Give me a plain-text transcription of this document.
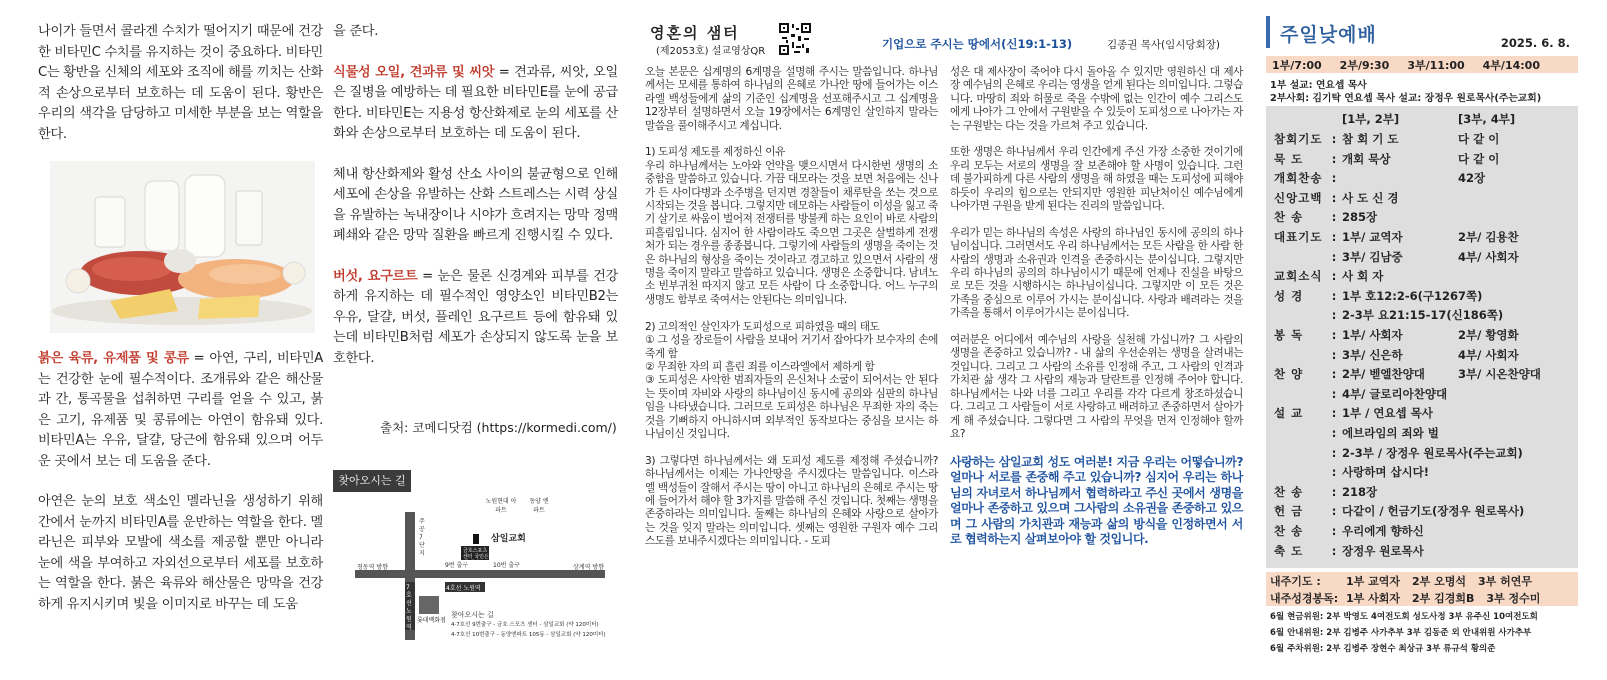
나이가 들면서 콜라겐 수치가 떨어지기 때문에 건강한 비타민C 수치를 유지하는 것이 중요하다. 비타민C는 황반을 신체의 세포와 조직에 해를 끼치는 산화 적 손상으로부터 보호하는 데 도움이 된다. 황반은 우리의 색각을 담당하고 미세한 부분을 보는 역할을 한다.

붉은 육류, 유제품 및 콩류 = 아연, 구리, 비타민A는 건강한 눈에 필수적이다. 조개류와 같은 해산물과 간, 통곡물을 섭취하면 구리를 얻을 수 있고, 붉은 고기, 유제품 및 콩류에는 아연이 함유돼 있다. 비타민A는 우유, 달걀, 당근에 함유돼 있으며 어두운 곳에서 보는 데 도움을 준다.

아연은 눈의 보호 색소인 멜라닌을 생성하기 위해 간에서 눈까지 비타민A를 운반하는 역할을 한다. 멜라닌은 피부와 모발에 색소를 제공할 뿐만 아니라 눈에 색을 부여하고 자외선으로부터 세포를 보호하는 역할을 한다. 붉은 육류와 해산물은 망막을 건강하게 유지시키며 빛을 이미지로 바꾸는 데 도움

을 준다.

식물성 오일, 견과류 및 씨앗 = 견과류, 씨앗, 오일은 질병을 예방하는 데 필요한 비타민E를 눈에 공급한다. 비타민E는 지용성 항산화제로 눈의 세포를 산화와 손상으로부터 보호하는 데 도움이 된다.

체내 항산화제와 활성 산소 사이의 불균형으로 인해 세포에 손상을 유발하는 산화 스트레스는 시력 상실을 유발하는 녹내장이나 시야가 흐려지는 망막 정맥 폐쇄와 같은 망막 질환을 빠르게 진행시킬 수 있다.

버섯, 요구르트 = 눈은 물론 신경계와 피부를 건강하게 유지하는 데 필수적인 영양소인 비타민B2는 우유, 달걀, 버섯, 플레인 요구르트 등에 함유돼 있는데 비타민B처럼 세포가 손상되지 않도록 눈을 보호한다.

출처: 코메디닷컴 (https://kormedi.com/)
찾아오시는 길
삼일교회
노원현대 아파트
동양 엔파트
주공7단지
청동역 방향	상계역 방향
9번 출구	10번 출구
4호선 노원역
7호선 노원역
롯데백화점
금호스포츠센터 국민은행 빌딩
찾아오시는 길
4·7호선 9번출구 - 금호 스포츠 센터 - 삼일교회 (약 120미터)
4·7호선 10번출구 - 동양엔파트 105동 - 삼일교회 (약 120미터)
영혼의 샘터
(제2053호) 설교영상QR
기업으로 주시는 땅에서(신19:1-13)	김종권 목사(임시당회장)

오늘 본문은 십계명의 6계명을 설명해 주시는 말씀입니다. 하나님께서는 모세를 통하여 하나님의 은혜로 가나안 땅에 들어가는 이스라엘 백성들에게 삶의 기준인 십계명을 선포해주시고 그 십계명을 12장부터 설명하면서 오늘 19장에서는 6계명인 살인하지 말라는 말씀을 풀이해주시고 계십니다.

1) 도피성 제도를 제정하신 이유
우리 하나님께서는 노아와 언약을 맺으시면서 다시한번 생명의 소중함을 말씀하고 있습니다. 가끔 대모라는 것을 보면 처음에는 신나가 든 사이다병과 소주병을 던지면 경찰들이 채루탄을 쏘는 것으로 시작되는 것을 봅니다. 그렇지만 데모하는 사람들이 이성을 잃고 죽기 살기로 싸움이 벌어져 전쟁터를 방불케 하는 요인이 바로 사람의 피흘림입니다. 심지어 한 사람이라도 죽으면 그곳은 살벌하게 전쟁처가 되는 경우를 종종봅니다. 그렇기에 사람들의 생명을 죽이는 것은 하나님의 형상을 죽이는 것이라고 경고하고 있으면서 사람의 생명을 죽이지 말라고 말씀하고 있습니다. 생명은 소중합니다. 남녀노소 빈부귀천 따지지 않고 모든 사람이 다 소중합니다. 어느 누구의 생명도 함부로 죽여서는 안된다는 의미입니다.

2) 고의적인 살인자가 도피성으로 피하였을 때의 태도
① 그 성을 장로들이 사람을 보내어 거기서 잡아다가 보수자의 손에 죽게 함
② 무죄한 자의 피 흘린 죄를 이스라엘에서 제하게 함
③ 도피성은 사악한 범죄자들의 은신처나 소굴이 되어서는 안 된다는 뜻이며 자비와 사랑의 하나님이신 동시에 공의와 심판의 하나님임을 나타냈습니다. 그러므로 도피성은 하나님은 무죄한 자의 죽는 것을 기뻐하지 아니하시며 외부적인 동작보다는 중심을 보시는 하나님이신 것입니다.

3) 그렇다면 하나님께서는 왜 도피성 제도를 제정해 주셨습니까? 하나님께서는 이제는 가나안땅을 주시겠다는 말씀입니다. 이스라엘 백성들이 잘해서 주시는 땅이 아니고 하나님의 은혜로 주시는 땅에 들어가서 해야 할 3가지를 말씀해 주신 것입니다. 첫째는 생명을 존중하라는 의미입니다. 둘째는 하나님의 은혜와 사랑으로 살아가는 것을 잊지 말라는 의미입니다. 셋째는 영원한 구원자 예수 그리스도를 보내주시겠다는 의미입니다. - 도피

성은 대 제사장이 죽어야 다시 돌아올 수 있지만 영원하신 대 제사장 예수님의 은혜로 우리는 영생을 얻게 된다는 의미입니다. 그렇습니다. 마땅히 죄와 허물로 죽을 수밖에 없는 인간이 예수 그리스도에게 나아가 그 안에서 구원받을 수 있듯이 도피성으로 나아가는 자는 구원받는 다는 것을 가르쳐 주고 있습니다.

또한 생명은 하나님께서 우리 인간에게 주신 가장 소중한 것이기에 우리 모두는 서로의 생명을 잘 보존해야 할 사명이 있습니다. 그런데 불가피하게 다른 사람의 생명을 해 하였을 때는 도피성에 피해야 하듯이 우리의 힘으로는 안되지만 영원한 피난처이신 예수님에게 나아가면 구원을 받게 된다는 진리의 말씀입니다.

우리가 믿는 하나님의 속성은 사랑의 하나님인 동시에 공의의 하나님이십니다. 그러면서도 우리 하나님께서는 모든 사람을 한 사람 한 사람의 생명과 소유권과 인격을 존중하시는 분이십니다. 그렇지만 우리 하나님의 공의의 하나님이시기 때문에 언제나 진실을 바탕으로 모든 것을 시행하시는 하나님이십니다. 그렇지만 이 모든 것은 가족을 중심으로 이루어 가시는 분이십니다. 사랑과 배려라는 것을 가족을 통해서 이루어가시는 분이십니다.

여러분은 어디에서 예수님의 사랑을 실천해 가십니까? 그 사람의 생명을 존중하고 있습니까? - 내 삶의 우선순위는 생명을 살려내는 것입니다. 그리고 그 사람의 소유를 인정해 주고, 그 사람의 인격과 가치관 삶 생각 그 사람의 재능과 달란트를 인정해 주어야 합니다. 하나님께서는 나와 너를 그리고 우리를 각각 다르게 창조하셨습니다. 그리고 그 사람들이 서로 사랑하고 배려하고 존중하면서 살아가게 해 주셨습니다. 그렇다면 그 사람의 무엇을 먼저 인정해야 할까요?

사랑하는 삼일교회 성도 여러분! 지금 우리는 어떻습니까? 얼마나 서로를 존중해 주고 있습니까? 심지어 우리는 하나님의 자녀로서 하나님께서 협력하라고 주신 곳에서 생명을 얼마나 존중하고 있으며 그사람의 소유권을 존중하고 있으며 그 사람의 가치관과 재능과 삶의 방식을 인정하면서 서로 협력하는지 살펴보아야 할 것입니다.

주일낮예배	2025. 6. 8.
1부/7:00 2부/9:30 3부/11:00 4부/14:00
1부 설교: 연요셉 목사
2부사회: 김기탁 연요셉 목사 설교: 장정우 원로목사(주는교회)
[1부, 2부]	[3부, 4부]
참회기도 : 참 회 기 도	다 같 이
묵 도	: 개회 묵상	다 같 이
개회찬송 :	42장
신앙고백 : 사 도 신 경
찬 송	: 285장
대표기도 : 1부/ 교역자	2부/ 김용찬
: 3부/ 김남중	4부/ 사회자
교회소식 : 사 회 자
성 경	: 1부 호12:2-6(구1267쪽)
: 2-3부 요21:15-17(신186쪽)
봉 독	: 1부/ 사회자	2부/ 황영화
: 3부/ 신은하	4부/ 사회자
찬 양	: 2부/ 벧엘찬양대	3부/ 시온찬양대
: 4부/ 글로리아찬양대
설 교	: 1부 / 연요셉 목사
: 에브라임의 죄와 벌
: 2-3부 / 장정우 원로목사(주는교회)
: 사랑하며 삽시다!
찬 송	: 218장
헌 금	: 다같이 / 헌금기도(장정우 원로목사)
찬 송	: 우리에게 향하신
축 도	: 장정우 원로목사
내주기도 :	1부 교역자 2부 오명석 3부 허연무
내주성경봉독: 1부 사회자 2부 김경희B 3부 정수미
6월 현금위원: 2부 박영도 4여전도회 성도사정 3부 유주신 10여전도회
6월 안내위원: 2부 김병주 사가추부 3부 김동준 외 안내위원 사가추부
6월 주차위원: 2부 김병주 장현수 최상규 3부 류규석 황의준
